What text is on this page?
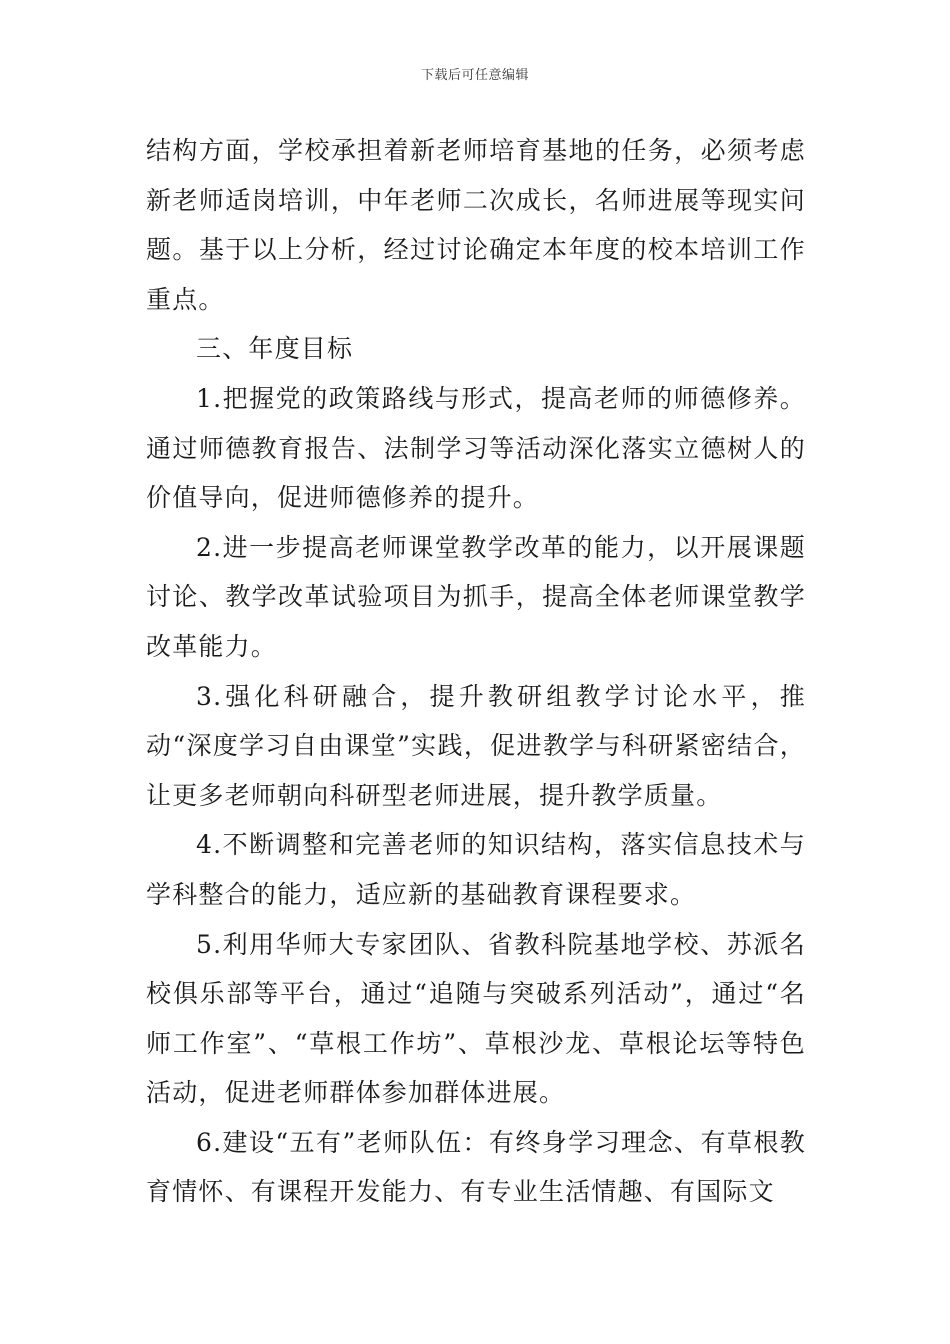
下载后可任意编辑

结构方面，学校承担着新老师培育基地的任务，必须考虑新老师适岗培训，中年老师二次成长，名师进展等现实问题。基于以上分析，经过讨论确定本年度的校本培训工作重点。

三、年度目标

1.把握党的政策路线与形式，提高老师的师德修养。通过师德教育报告、法制学习等活动深化落实立德树人的价值导向，促进师德修养的提升。

2.进一步提高老师课堂教学改革的能力，以开展课题讨论、教学改革试验项目为抓手，提高全体老师课堂教学改革能力。

3.强化科研融合，提升教研组教学讨论水平，推动“深度学习自由课堂”实践，促进教学与科研紧密结合，让更多老师朝向科研型老师进展，提升教学质量。

4.不断调整和完善老师的知识结构，落实信息技术与学科整合的能力，适应新的基础教育课程要求。

5.利用华师大专家团队、省教科院基地学校、苏派名校俱乐部等平台，通过“追随与突破系列活动”，通过“名师工作室”、“草根工作坊”、草根沙龙、草根论坛等特色活动，促进老师群体参加群体进展。

6.建设“五有”老师队伍：有终身学习理念、有草根教育情怀、有课程开发能力、有专业生活情趣、有国际文
